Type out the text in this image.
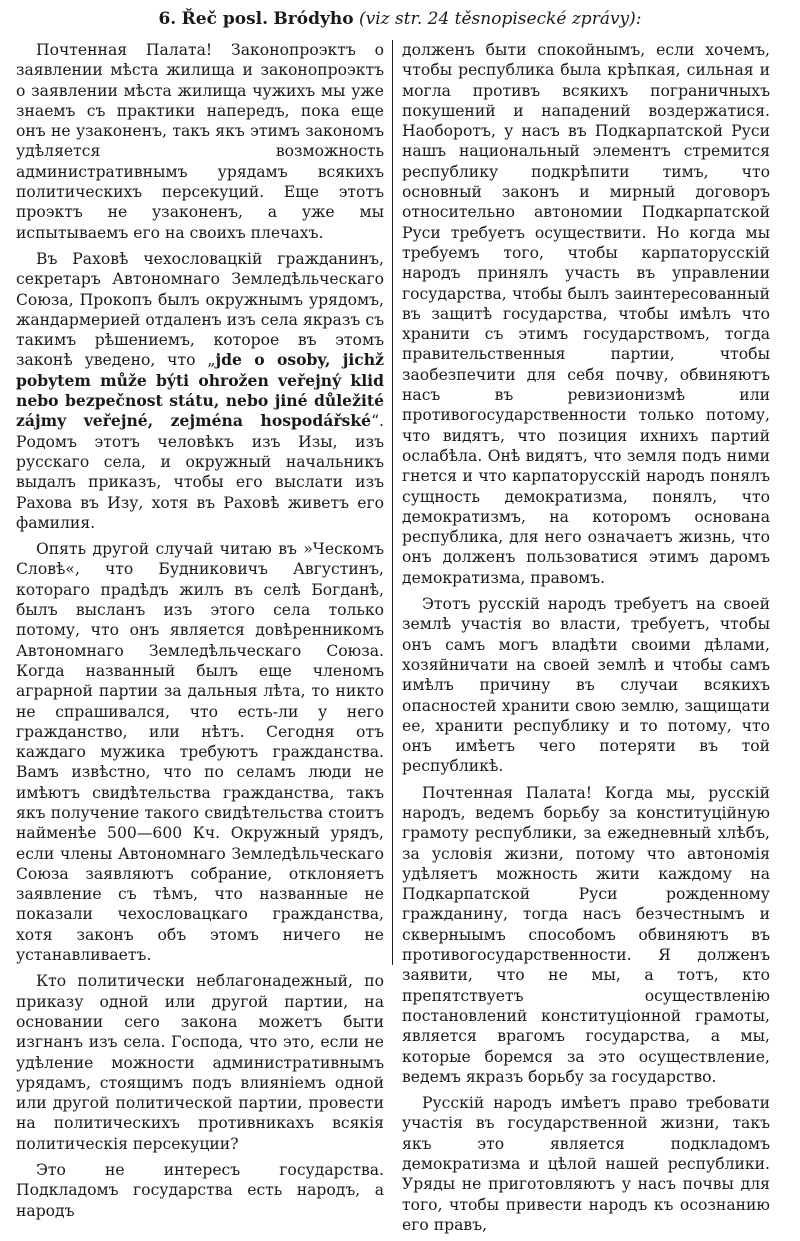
6. Řeč posl. Bródyho (viz str. 24 těsnopisecké zprávy):

Почтенная Палата! Законопроэктъ о заявлении мѣста жилища и законопроэктъ о заявлении мѣста жилища чужихъ мы уже знаемъ съ практики напередъ, пока еще онъ не узаконенъ, такъ якъ этимъ закономъ удѣляется возможность административнымъ урядамъ всякихъ политическихъ персекуций. Еще этотъ проэктъ не узаконенъ, а уже мы испытываемъ его на своихъ плечахъ.

Въ Раховѣ чехословацкій гражданинъ, секретаръ Автономнаго Земледѣльческаго Союза, Прокопъ былъ окружнымъ урядомъ, жандармерией отдаленъ изъ села якразъ съ такимъ рѣшениемъ, которое въ этомъ законѣ уведено, что „jde o osoby, jichž pobytem může býti ohrožen veřejný klid nebo bezpečnost státu, nebo jiné důležité zájmy veřejné, zejména hospodářské“. Родомъ этотъ человѣкъ изъ Изы, изъ русскаго села, и окружный начальникъ выдалъ приказъ, чтобы его выслати изъ Рахова въ Изу, хотя въ Раховѣ живетъ его фамилия.

Опять другой случай читаю въ »Ческомъ Словѣ«, что Будниковичъ Августинъ, котораго прадѣдъ жилъ въ селѣ Богданѣ, былъ высланъ изъ этого села только потому, что онъ является довѣренникомъ Автономнаго Земледѣльческаго Союза. Когда названный былъ еще членомъ аграрной партии за дальныя лѣта, то никто не спрашивался, что есть-ли у него гражданство, или нѣтъ. Сегодня отъ каждаго мужика требуютъ гражданства. Вамъ извѣстно, что по селамъ люди не имѣютъ свидѣтельства гражданства, такъ якъ получение такого свидѣтельства стоитъ найменѣе 500—600 Кч. Окружный урядъ, если члены Автономнаго Земледѣльческаго Союза заявляютъ собрание, отклоняетъ заявление съ тѣмъ, что названные не показали чехословацкаго гражданства, хотя законъ объ этомъ ничего не устанавливаетъ.

Кто политически неблагонадежный, по приказу одной или другой партии, на основании сего закона можетъ быти изгнанъ изъ села. Господа, что это, если не удѣление можности административнымъ урядамъ, стоящимъ подъ влиянiемъ одной или другой политической партии, провести на политическихъ противникахъ всякія политическія персекуции?

Это не интересъ государства. Подкладомъ государства есть народъ, а народъ

долженъ быти спокойнымъ, если хочемъ, чтобы республика была крѣпкая, сильная и могла противъ всякихъ пограничныхъ покушений и нападений воздержатися. Наоборотъ, у насъ въ Подкарпатской Руси нашъ национальный элементъ стремится республику подкрѣпити тимъ, что основный законъ и мирный договоръ относительно автономии Подкарпатской Руси требуетъ осуществити. Но когда мы требуемъ того, чтобы карпаторусскій народъ принялъ участь въ управлении государства, чтобы былъ заинтересованный въ защитѣ государства, чтобы имѣлъ что хранити съ этимъ государствомъ, тогда правительственныя партии, чтобы заобезпечити для себя почву, обвиняютъ насъ въ ревизионизмѣ или противогосударственности только потому, что видятъ, что позиция ихнихъ партий ослабѣла. Онѣ видятъ, что земля подъ ними гнется и что карпаторусскій народъ понялъ сущность демократизма, понялъ, что демократизмъ, на которомъ основана республика, для него означаетъ жизнь, что онъ долженъ пользоватися этимъ даромъ демократизма, правомъ.

Этотъ русскій народъ требуетъ на своей землѣ участія во власти, требуетъ, чтобы онъ самъ могъ владѣти своими дѣлами, хозяйничати на своей землѣ и чтобы самъ имѣлъ причину въ случаи всякихъ опасностей хранити свою землю, защищати ее, хранити республику и то потому, что онъ имѣетъ чего потеряти въ той республикѣ.

Почтенная Палата! Когда мы, русскій народъ, ведемъ борьбу за конституційную грамоту республики, за ежедневный хлѣбъ, за условія жизни, потому что автономія удѣляетъ можность жити каждому на Подкарпатской Руси рожденному гражданину, тогда насъ безчестнымъ и скверныымъ способомъ обвиняютъ въ противогосударственности. Я долженъ заявити, что не мы, а тотъ, кто препятствуетъ осуществленiю постановлений конституціонной грамоты, является врагомъ государства, а мы, которые боремся за это осуществление, ведемъ якразъ борьбу за государство.

Русскій народъ имѣетъ право требовати участія въ государственной жизни, такъ якъ это является подкладомъ демократизма и цѣлой нашей республики. Уряды не приготовляютъ у насъ почвы для того, чтобы привести народъ къ осознанию его правъ,
